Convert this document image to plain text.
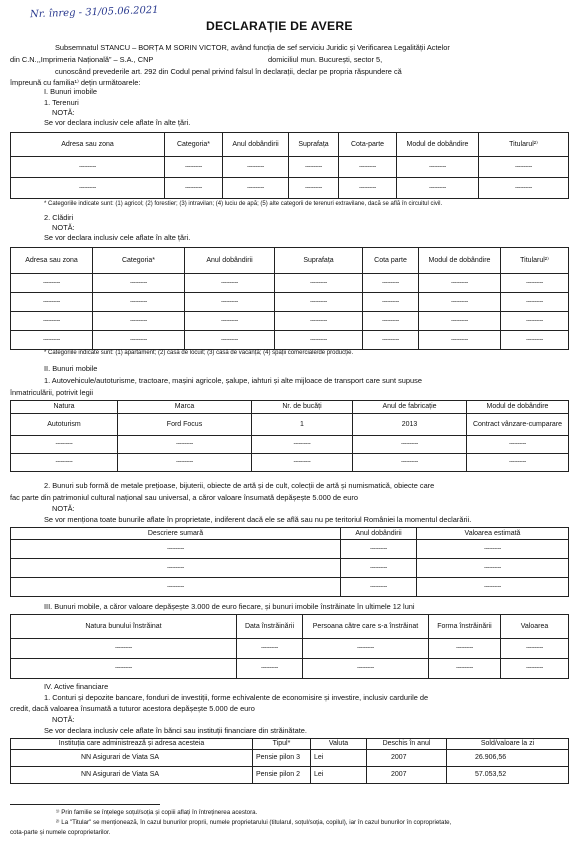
Nr. înreg - 31/05.06.2021
DECLARAȚIE DE AVERE
Subsemnatul STANCU – BORȚA M SORIN VICTOR, având funcția de sef serviciu Juridic și Verificarea Legalității Actelor
din C.N.,,Imprimeria Națională” – S.A., CNP	domiciliul mun. București, sector 5,
cunoscând prevederile art. 292 din Codul penal privind falsul în declarații, declar pe propria răspundere că
împreună cu familia¹⁾ dețin următoarele:
I. Bunuri imobile
1. Terenuri
NOTĂ:
Se vor declara inclusiv cele aflate în alte țări.
Adresa sau zona	Categoria*	Anul dobândirii	Suprafața	Cota-parte	Modul de dobândire	Titularul²⁾
----------	----------	----------	----------	----------	----------	----------
----------	----------	----------	----------	----------	----------	----------
* Categoriile indicate sunt: (1) agricol; (2) forestier; (3) intravilan; (4) luciu de apă; (5) alte categorii de terenuri extravilane, dacă se află în circuitul civil.
2. Clădiri
NOTĂ:
Se vor declara inclusiv cele aflate în alte țări.
Adresa sau zona	Categoria*	Anul dobândirii	Suprafața	Cota parte	Modul de dobândire	Titularul²⁾
----------	----------	----------	----------	----------	----------	----------
----------	----------	----------	----------	----------	----------	----------
----------	----------	----------	----------	----------	----------	----------
----------	----------	----------	----------	----------	----------	----------
* Categoriile indicate sunt: (1) apartament; (2) casă de locuit; (3) casă de vacanță; (4) spații comerciale/de producție.
II. Bunuri mobile
1. Autovehicule/autoturisme, tractoare, mașini agricole, șalupe, iahturi și alte mijloace de transport care sunt supuse
înmatriculării, potrivit legii
Natura	Marca	Nr. de bucăți	Anul de fabricație	Modul de dobândire
Autoturism	Ford Focus	1	2013	Contract vânzare-cumparare
----------	----------	----------	----------	----------
----------	----------	----------	----------	----------
2. Bunuri sub formă de metale prețioase, bijuterii, obiecte de artă și de cult, colecții de artă și numismatică, obiecte care
fac parte din patrimoniul cultural național sau universal, a căror valoare însumată depășește 5.000 de euro
NOTĂ:
Se vor menționa toate bunurile aflate în proprietate, indiferent dacă ele se află sau nu pe teritoriul României la momentul declarării.
Descriere sumară	Anul dobândirii	Valoarea estimată
----------	----------	----------
----------	----------	----------
----------	----------	----------
III. Bunuri mobile, a căror valoare depășește 3.000 de euro fiecare, și bunuri imobile înstrăinate în ultimele 12 luni
Natura bunului înstrăinat	Data înstrăinării	Persoana către care s-a înstrăinat	Forma înstrăinării	Valoarea
----------	----------	----------	----------	----------
----------	----------	----------	----------	----------
IV. Active financiare
1. Conturi și depozite bancare, fonduri de investiții, forme echivalente de economisire și investire, inclusiv cardurile de
credit, dacă valoarea însumată a tuturor acestora depășește 5.000 de euro
NOTĂ:
Se vor declara inclusiv cele aflate în bănci sau instituții financiare din străinătate.
Instituția care administrează și adresa acesteia	Tipul*	Valuta	Deschis în anul	Sold/valoare la zi
NN Asigurari de Viata SA	Pensie pilon 3	Lei	2007	26.906,56
NN Asigurari de Viata SA	Pensie pilon 2	Lei	2007	57.053,52
¹⁾ Prin familie se înțelege soțul/soția și copiii aflați în întreținerea acestora.
²⁾ La "Titular" se menționează, în cazul bunurilor proprii, numele proprietarului (titularul, soțul/soția, copilul), iar în cazul bunurilor în coproprietate,
cota-parte și numele coproprietarilor.
